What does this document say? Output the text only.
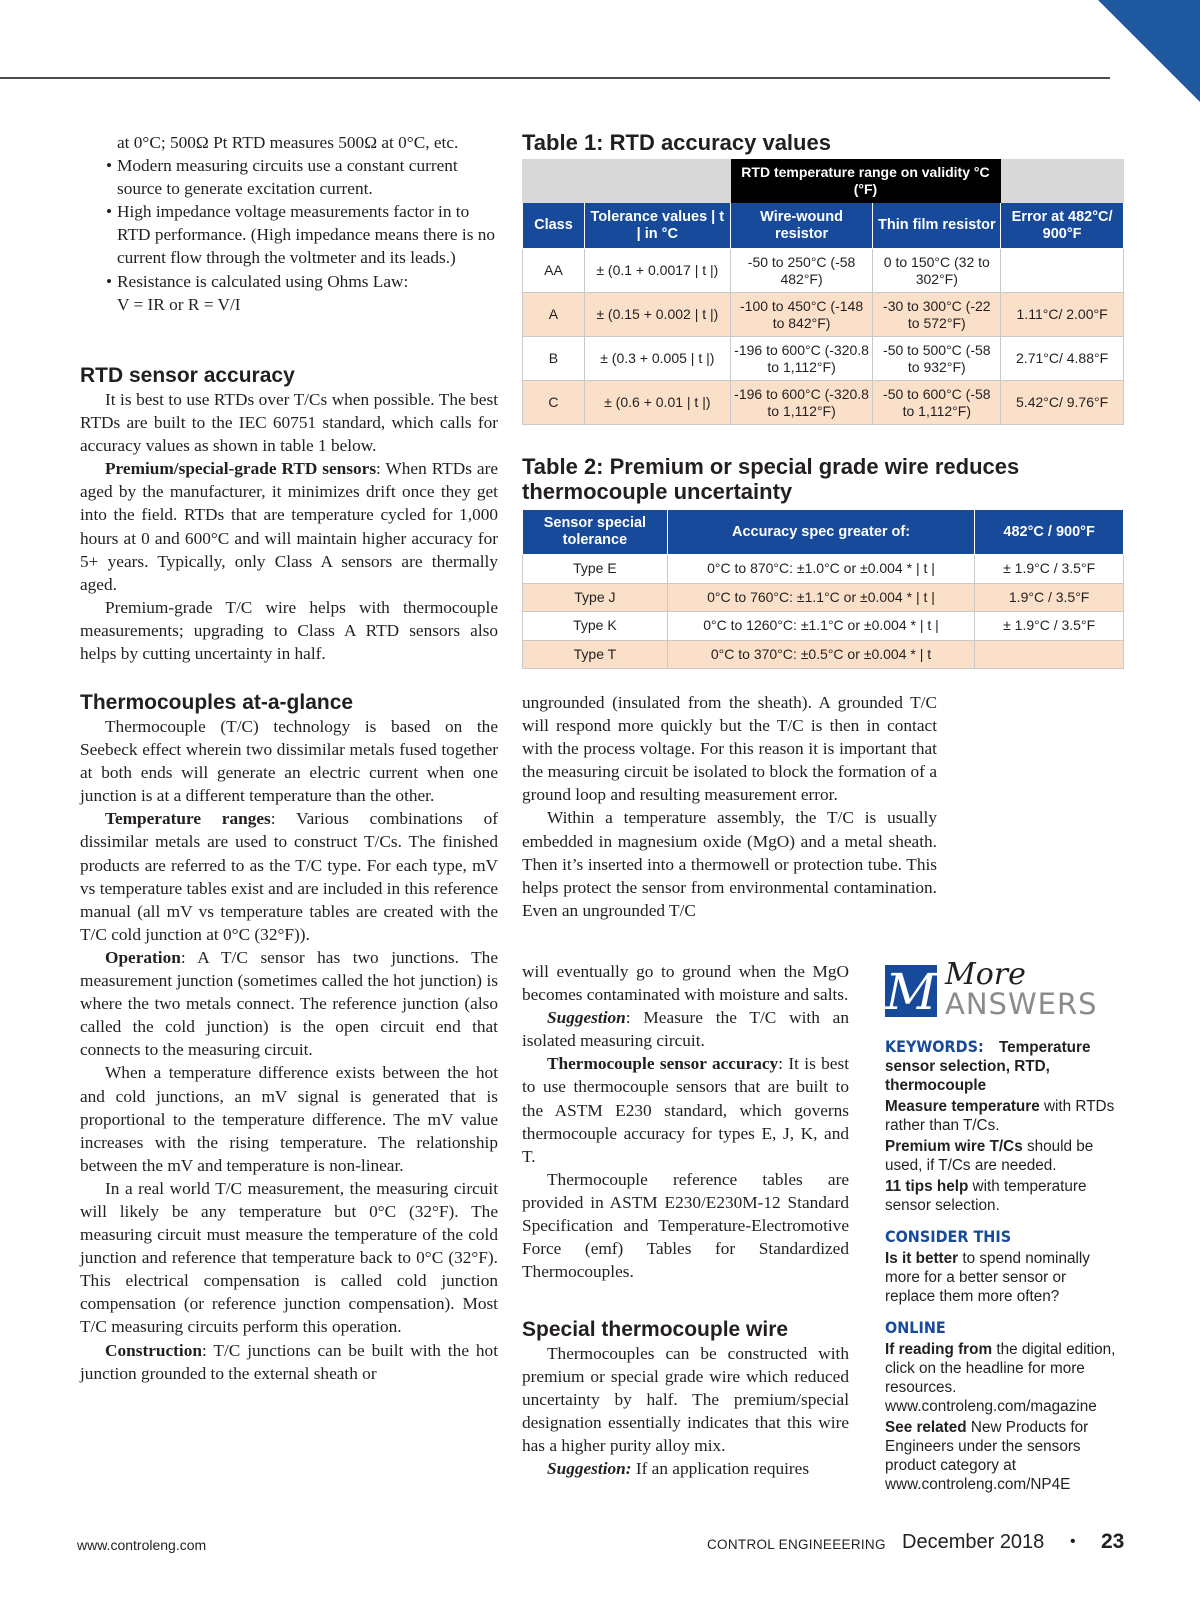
at 0°C; 500Ω Pt RTD measures 500Ω at 0°C, etc.
• Modern measuring circuits use a constant current source to generate excitation current.
• High impedance voltage measurements factor in to RTD performance. (High impedance means there is no current flow through the voltmeter and its leads.)
• Resistance is calculated using Ohms Law:
V = IR or R = V/I
RTD sensor accuracy

It is best to use RTDs over T/Cs when possible. The best RTDs are built to the IEC 60751 standard, which calls for accuracy values as shown in table 1 below.

Premium/special-grade RTD sensors: When RTDs are aged by the manufacturer, it minimizes drift once they get into the field. RTDs that are temperature cycled for 1,000 hours at 0 and 600°C and will maintain higher accuracy for 5+ years. Typically, only Class A sensors are thermally aged.

Premium-grade T/C wire helps with thermocouple measurements; upgrading to Class A RTD sensors also helps by cutting uncertainty in half.

Thermocouples at-a-glance

Thermocouple (T/C) technology is based on the Seebeck effect wherein two dissimilar metals fused together at both ends will generate an electric current when one junction is at a different temperature than the other.

Temperature ranges: Various combinations of dissimilar metals are used to construct T/Cs. The finished products are referred to as the T/C type. For each type, mV vs temperature tables exist and are included in this reference manual (all mV vs temperature tables are created with the T/C cold junction at 0°C (32°F)).

Operation: A T/C sensor has two junctions. The measurement junction (sometimes called the hot junction) is where the two metals connect. The reference junction (also called the cold junction) is the open circuit end that connects to the measuring circuit.

When a temperature difference exists between the hot and cold junctions, an mV signal is generated that is proportional to the temperature difference. The mV value increases with the rising temperature. The relationship between the mV and temperature is non-linear.

In a real world T/C measurement, the measuring circuit will likely be any temperature but 0°C (32°F). The measuring circuit must measure the temperature of the cold junction and reference that temperature back to 0°C (32°F). This electrical compensation is called cold junction compensation (or reference junction compensation). Most T/C measuring circuits perform this operation.

Construction: T/C junctions can be built with the hot junction grounded to the external sheath or

Table 1: RTD accuracy values
		RTD temperature range on validity °C (°F)		
Class	Tolerance values | t | in °C	Wire-wound resistor	Thin film resistor	Error at 482°C/ 900°F
AA	± (0.1 + 0.0017 | t |)	-50 to 250°C (-58 482°F)	0 to 150°C (32 to 302°F)	
A	± (0.15 + 0.002 | t |)	-100 to 450°C (-148 to 842°F)	-30 to 300°C (-22 to 572°F)	1.11°C/ 2.00°F
B	± (0.3 + 0.005 | t |)	-196 to 600°C (-320.8 to 1,112°F)	-50 to 500°C (-58 to 932°F)	2.71°C/ 4.88°F
C	± (0.6 + 0.01 | t |)	-196 to 600°C (-320.8 to 1,112°F)	-50 to 600°C (-58 to 1,112°F)	5.42°C/ 9.76°F
Table 2: Premium or special grade wire reduces thermocouple uncertainty
Sensor special tolerance	Accuracy spec greater of:	482°C / 900°F
Type E	0°C to 870°C: ±1.0°C or ±0.004 * | t |	± 1.9°C / 3.5°F
Type J	0°C to 760°C: ±1.1°C or ±0.004 * | t |	1.9°C / 3.5°F
Type K	0°C to 1260°C: ±1.1°C or ±0.004 * | t |	± 1.9°C / 3.5°F
Type T	0°C to 370°C: ±0.5°C or ±0.004 * | t	

ungrounded (insulated from the sheath). A grounded T/C will respond more quickly but the T/C is then in contact with the process voltage. For this reason it is important that the measuring circuit be isolated to block the formation of a ground loop and resulting measurement error.

Within a temperature assembly, the T/C is usually embedded in magnesium oxide (MgO) and a metal sheath. Then it’s inserted into a thermowell or protection tube. This helps protect the sensor from environmental contamination. Even an ungrounded T/C

will eventually go to ground when the MgO becomes contaminated with moisture and salts.

Suggestion: Measure the T/C with an isolated measuring circuit.

Thermocouple sensor accuracy: It is best to use thermocouple sensors that are built to the ASTM E230 standard, which governs thermocouple accuracy for types E, J, K, and T.

Thermocouple reference tables are provided in ASTM E230/E230M-12 Standard Specification and Temperature-Electromotive Force (emf) Tables for Standardized Thermocouples.

Special thermocouple wire

Thermocouples can be constructed with premium or special grade wire which reduced uncertainty by half. The premium/special designation essentially indicates that this wire has a higher purity alloy mix.

Suggestion: If an application requires

M More
ANSWERS
KEYWORDS: Temperature sensor selection, RTD, thermocouple
Measure temperature with RTDs rather than T/Cs.
Premium wire T/Cs should be used, if T/Cs are needed.
11 tips help with temperature sensor selection.
CONSIDER THIS
Is it better to spend nominally more for a better sensor or replace them more often?
ONLINE
If reading from the digital edition, click on the headline for more resources.
www.controleng.com/magazine
See related New Products for Engineers under the sensors product category at
www.controleng.com/NP4E
www.controleng.com	CONTROL ENGINEEERING December 2018 • 23
